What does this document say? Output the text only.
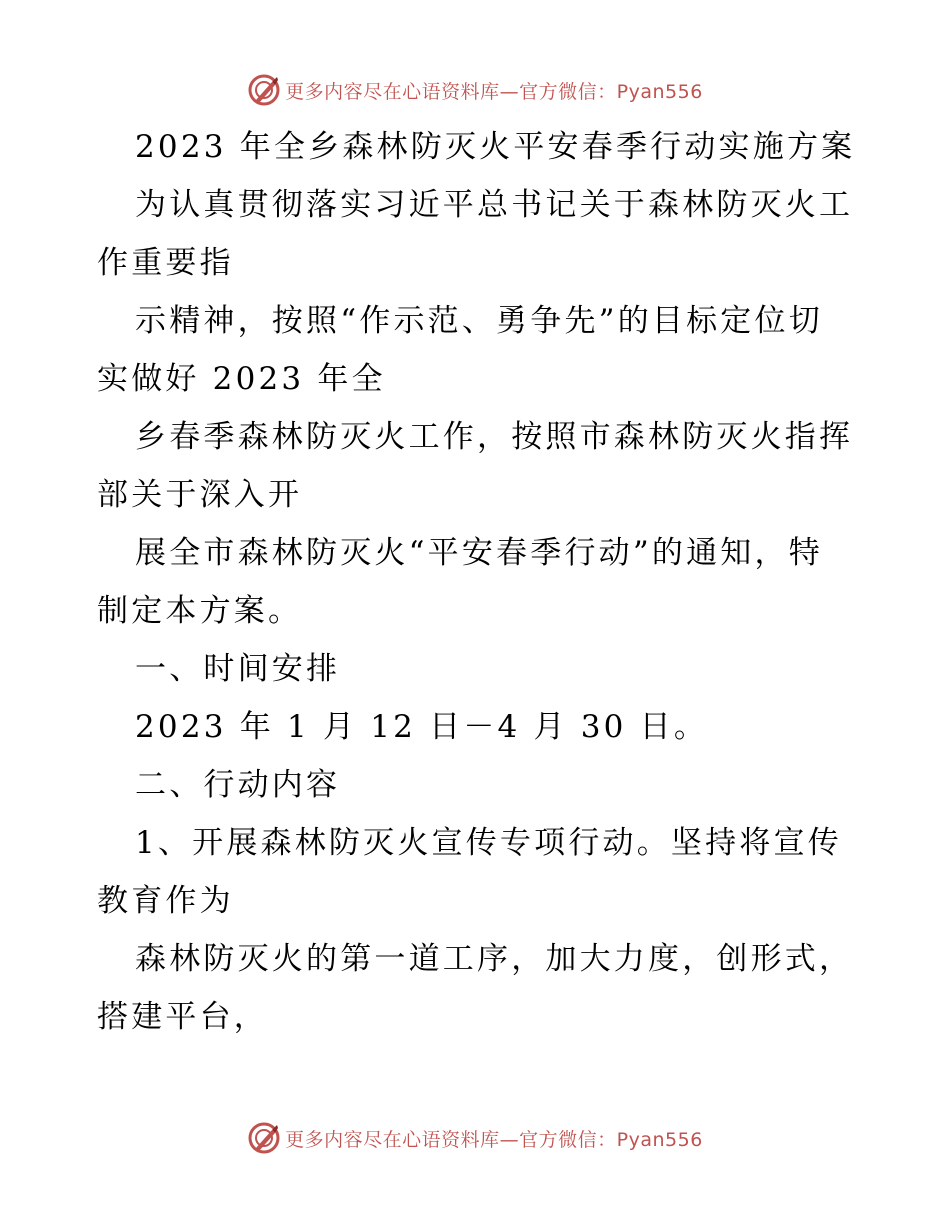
更多内容尽在心语资料库—官方微信：Pyan556
2023 年全乡森林防灭火平安春季行动实施方案
为认真贯彻落实习近平总书记关于森林防灭火工
作重要指
示精神，按照“作示范、勇争先”的目标定位切
实做好 2023 年全
乡春季森林防灭火工作，按照市森林防灭火指挥
部关于深入开
展全市森林防灭火“平安春季行动”的通知，特
制定本方案。
一、时间安排
2023 年 1 月 12 日－4 月 30 日。
二、行动内容
1、开展森林防灭火宣传专项行动。坚持将宣传
教育作为
森林防灭火的第一道工序，加大力度，创形式，
搭建平台，
更多内容尽在心语资料库—官方微信：Pyan556
